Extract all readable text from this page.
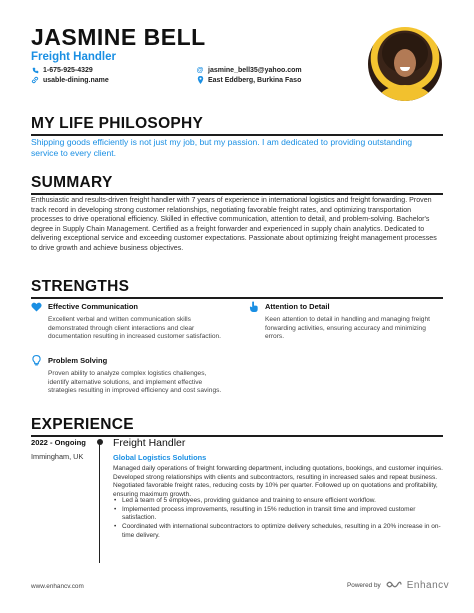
JASMINE BELL
Freight Handler
1-675-925-4329
usable-dining.name
@ jasmine_bell35@yahoo.com
East Eddberg, Burkina Faso
MY LIFE PHILOSOPHY
Shipping goods efficiently is not just my job, but my passion. I am dedicated to providing outstanding service to every client.
SUMMARY
Enthusiastic and results-driven freight handler with 7 years of experience in international logistics and freight forwarding. Proven track record in developing strong customer relationships, negotiating favorable freight rates, and optimizing transportation processes to drive operational efficiency. Skilled in effective communication, attention to detail, and problem-solving. Bachelor's degree in Supply Chain Management. Certified as a freight forwarder and experienced in supply chain analytics. Dedicated to delivering exceptional service and exceeding customer expectations. Passionate about optimizing freight management processes to drive growth and achieve business objectives.
STRENGTHS
Effective Communication
Excellent verbal and written communication skills demonstrated through client interactions and clear documentation resulting in increased customer satisfaction.
Attention to Detail
Keen attention to detail in handling and managing freight forwarding activities, ensuring accuracy and minimizing errors.
Problem Solving
Proven ability to analyze complex logistics challenges, identify alternative solutions, and implement effective strategies resulting in improved efficiency and cost savings.
EXPERIENCE
2022 - Ongoing
Immingham, UK
Freight Handler
Global Logistics Solutions
Managed daily operations of freight forwarding department, including quotations, bookings, and customer inquiries. Developed strong relationships with clients and subcontractors, resulting in increased sales and repeat business. Negotiated favorable freight rates, reducing costs by 10% per quarter. Followed up on quotations and profitability, ensuring maximum growth.
• Led a team of 5 employees, providing guidance and training to ensure efficient workflow.
• Implemented process improvements, resulting in 15% reduction in transit time and improved customer satisfaction.
• Coordinated with international subcontractors to optimize delivery schedules, resulting in a 20% increase in on-time delivery.
www.enhancv.com	Powered by	Enhancv
